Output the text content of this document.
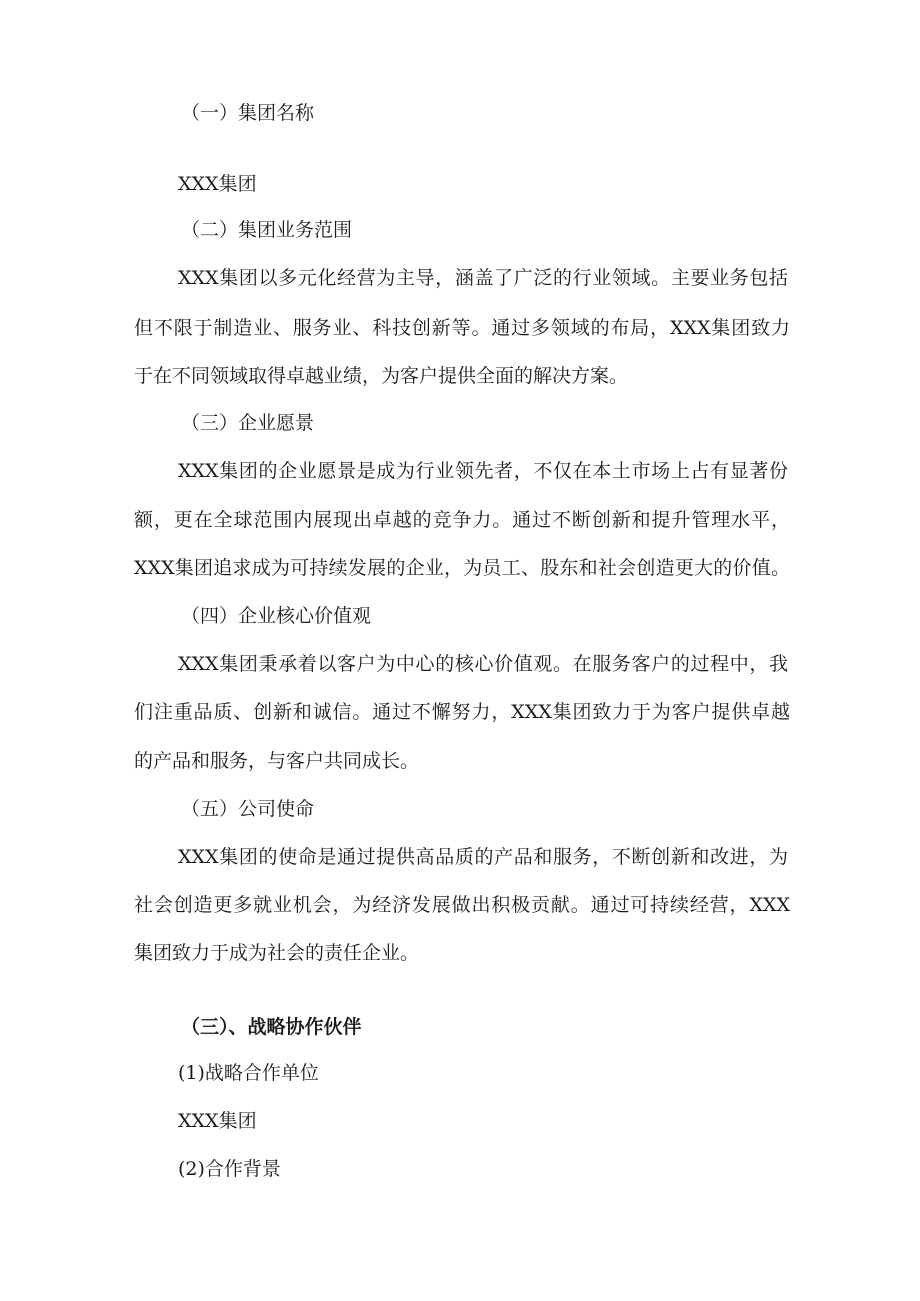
（一）集团名称
XXX集团
（二）集团业务范围
XXX集团以多元化经营为主导，涵盖了广泛的行业领域。主要业务包括
但不限于制造业、服务业、科技创新等。通过多领域的布局，XXX集团致力
于在不同领域取得卓越业绩，为客户提供全面的解决方案。
（三）企业愿景
XXX集团的企业愿景是成为行业领先者，不仅在本土市场上占有显著份
额，更在全球范围内展现出卓越的竞争力。通过不断创新和提升管理水平，
XXX集团追求成为可持续发展的企业，为员工、股东和社会创造更大的价值。
（四）企业核心价值观
XXX集团秉承着以客户为中心的核心价值观。在服务客户的过程中，我
们注重品质、创新和诚信。通过不懈努力，XXX集团致力于为客户提供卓越
的产品和服务，与客户共同成长。
（五）公司使命
XXX集团的使命是通过提供高品质的产品和服务，不断创新和改进，为
社会创造更多就业机会，为经济发展做出积极贡献。通过可持续经营，XXX
集团致力于成为社会的责任企业。
（三）、战略协作伙伴
(1)战略合作单位
XXX集团
(2)合作背景
